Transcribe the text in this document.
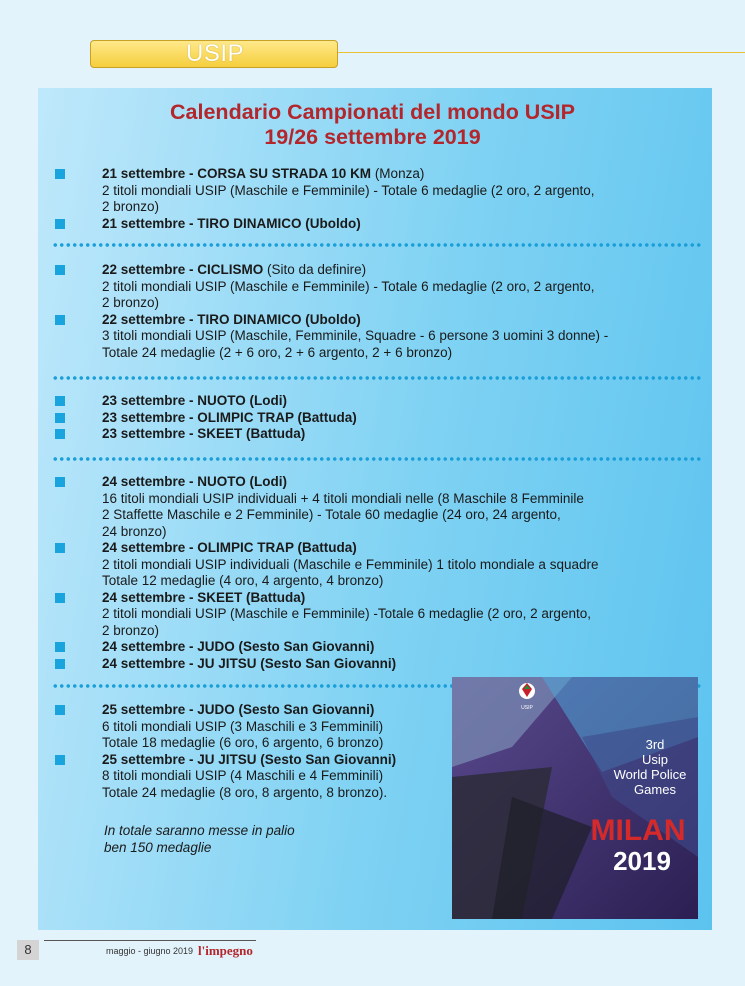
USIP
Calendario Campionati del mondo USIP
19/26 settembre 2019
21 settembre - CORSA SU STRADA 10 KM (Monza)
2 titoli mondiali USIP (Maschile e Femminile) - Totale 6 medaglie (2 oro, 2 argento,
2 bronzo)
21 settembre - TIRO DINAMICO (Uboldo)
22 settembre - CICLISMO (Sito da definire)
2 titoli mondiali USIP (Maschile e Femminile) - Totale 6 medaglie (2 oro, 2 argento,
2 bronzo)
22 settembre - TIRO DINAMICO (Uboldo)
3 titoli mondiali USIP (Maschile, Femminile, Squadre - 6 persone 3 uomini 3 donne) -
Totale 24 medaglie (2 + 6 oro, 2 + 6 argento, 2 + 6 bronzo)
23 settembre - NUOTO (Lodi)
23 settembre - OLIMPIC TRAP (Battuda)
23 settembre - SKEET (Battuda)
24 settembre - NUOTO (Lodi)
16 titoli mondiali USIP individuali + 4 titoli mondiali nelle (8 Maschile 8 Femminile
2 Staffette Maschile e 2 Femminile) - Totale 60 medaglie (24 oro, 24 argento,
24 bronzo)
24 settembre - OLIMPIC TRAP (Battuda)
2 titoli mondiali USIP individuali (Maschile e Femminile) 1 titolo mondiale a squadre
Totale 12 medaglie (4 oro, 4 argento, 4 bronzo)
24 settembre - SKEET (Battuda)
2 titoli mondiali USIP (Maschile e Femminile) -Totale 6 medaglie (2 oro, 2 argento,
2 bronzo)
24 settembre - JUDO (Sesto San Giovanni)
24 settembre - JU JITSU (Sesto San Giovanni)
25 settembre - JUDO (Sesto San Giovanni)
6 titoli mondiali USIP (3 Maschili e 3 Femminili)
Totale 18 medaglie (6 oro, 6 argento, 6 bronzo)
25 settembre - JU JITSU (Sesto San Giovanni)
8 titoli mondiali USIP (4 Maschili e 4 Femminili)
Totale 24 medaglie (8 oro, 8 argento, 8 bronzo).
In totale saranno messe in palio
ben 150 medaglie
USIP
3rd
Usip
World Police
Games
MILAN
2019
8	maggio - giugno 2019 l'impegno
